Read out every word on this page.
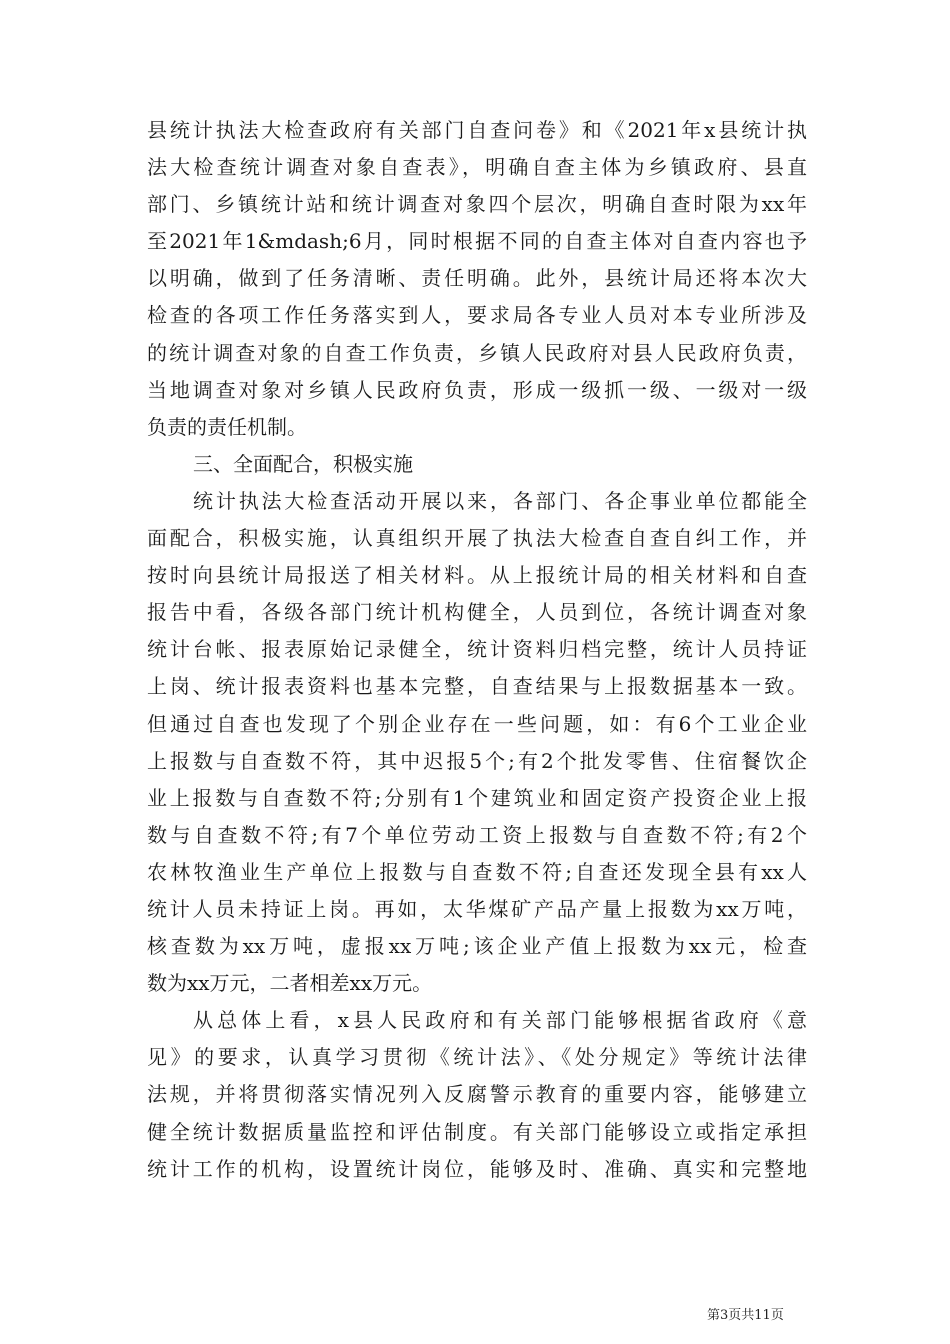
县统计执法大检查政府有关部门自查问卷》和《2021年x县统计执
法大检查统计调查对象自查表》，明确自查主体为乡镇政府、县直
部门、乡镇统计站和统计调查对象四个层次，明确自查时限为xx年
至2021年1&mdash;6月，同时根据不同的自查主体对自查内容也予
以明确，做到了任务清晰、责任明确。此外，县统计局还将本次大
检查的各项工作任务落实到人，要求局各专业人员对本专业所涉及
的统计调查对象的自查工作负责，乡镇人民政府对县人民政府负责，
当地调查对象对乡镇人民政府负责，形成一级抓一级、一级对一级
负责的责任机制。
三、全面配合，积极实施
统计执法大检查活动开展以来，各部门、各企事业单位都能全
面配合，积极实施，认真组织开展了执法大检查自查自纠工作，并
按时向县统计局报送了相关材料。从上报统计局的相关材料和自查
报告中看，各级各部门统计机构健全，人员到位，各统计调查对象
统计台帐、报表原始记录健全，统计资料归档完整，统计人员持证
上岗、统计报表资料也基本完整，自查结果与上报数据基本一致。
但通过自查也发现了个别企业存在一些问题，如：有6个工业企业
上报数与自查数不符，其中迟报5个;有2个批发零售、住宿餐饮企
业上报数与自查数不符;分别有1个建筑业和固定资产投资企业上报
数与自查数不符;有7个单位劳动工资上报数与自查数不符;有2个
农林牧渔业生产单位上报数与自查数不符;自查还发现全县有xx人
统计人员未持证上岗。再如，太华煤矿产品产量上报数为xx万吨，
核查数为xx万吨，虚报xx万吨;该企业产值上报数为xx元，检查
数为xx万元，二者相差xx万元。
从总体上看，x县人民政府和有关部门能够根据省政府《意
见》的要求，认真学习贯彻《统计法》、《处分规定》等统计法律
法规，并将贯彻落实情况列入反腐警示教育的重要内容，能够建立
健全统计数据质量监控和评估制度。有关部门能够设立或指定承担
统计工作的机构，设置统计岗位，能够及时、准确、真实和完整地
第3页共11页
